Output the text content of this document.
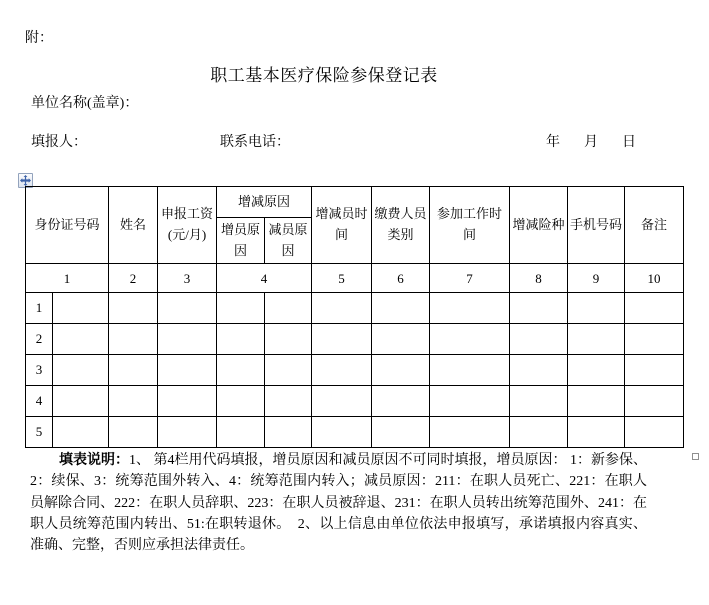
附：
职工基本医疗保险参保登记表
单位名称(盖章)：
填报人：	联系电话：	年 月 日
身份证号码		姓名	申报工资(元/月)	增减原因		增减员时间	缴费人员类别	参加工作时间	增减险种	手机号码	备注
				增员原因	减员原因						
1		2	3	4		5	6	7	8	9	10
1											
2											
3											
4											
5											

填表说明：1、 第4栏用代码填报，增员原因和减员原因不可同时填报，增员原因： 1：新参保、2：续保、3：统筹范围外转入、4：统筹范围内转入；减员原因：211：在职人员死亡、221：在职人员解除合同、222：在职人员辞职、223：在职人员被辞退、231：在职人员转出统筹范围外、241：在职人员统筹范围内转出、51:在职转退休。　2、以上信息由单位依法申报填写，承诺填报内容真实、准确、完整，否则应承担法律责任。
